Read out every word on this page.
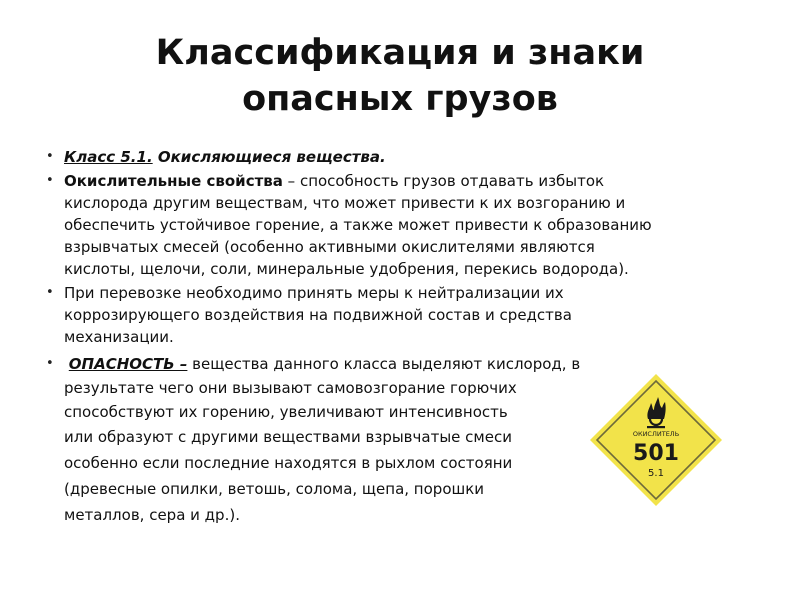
Классификация и знаки
опасных грузов
• Класс 5.1. Окисляющиеся вещества.
• Окислительные свойства – способность грузов отдавать избыток
кислорода другим веществам, что может привести к их возгоранию и
обеспечить устойчивое горение, а также может привести к образованию
взрывчатых смесей (особенно активными окислителями являются
кислоты, щелочи, соли, минеральные удобрения, перекись водорода).
• При перевозке необходимо принять меры к нейтрализации их
коррозирующего воздействия на подвижной состав и средства
механизации.
• ОПАСНОСТЬ – вещества данного класса выделяют кислород, в
результате чего они вызывают самовозгорание горючих
способствуют их горению, увеличивают интенсивность
или образуют с другими веществами взрывчатые смеси
особенно если последние находятся в рыхлом состояни
(древесные опилки, ветошь, солома, щепа, порошки
металлов, сера и др.).
ОКИСЛИТЕЛЬ
501
5.1
